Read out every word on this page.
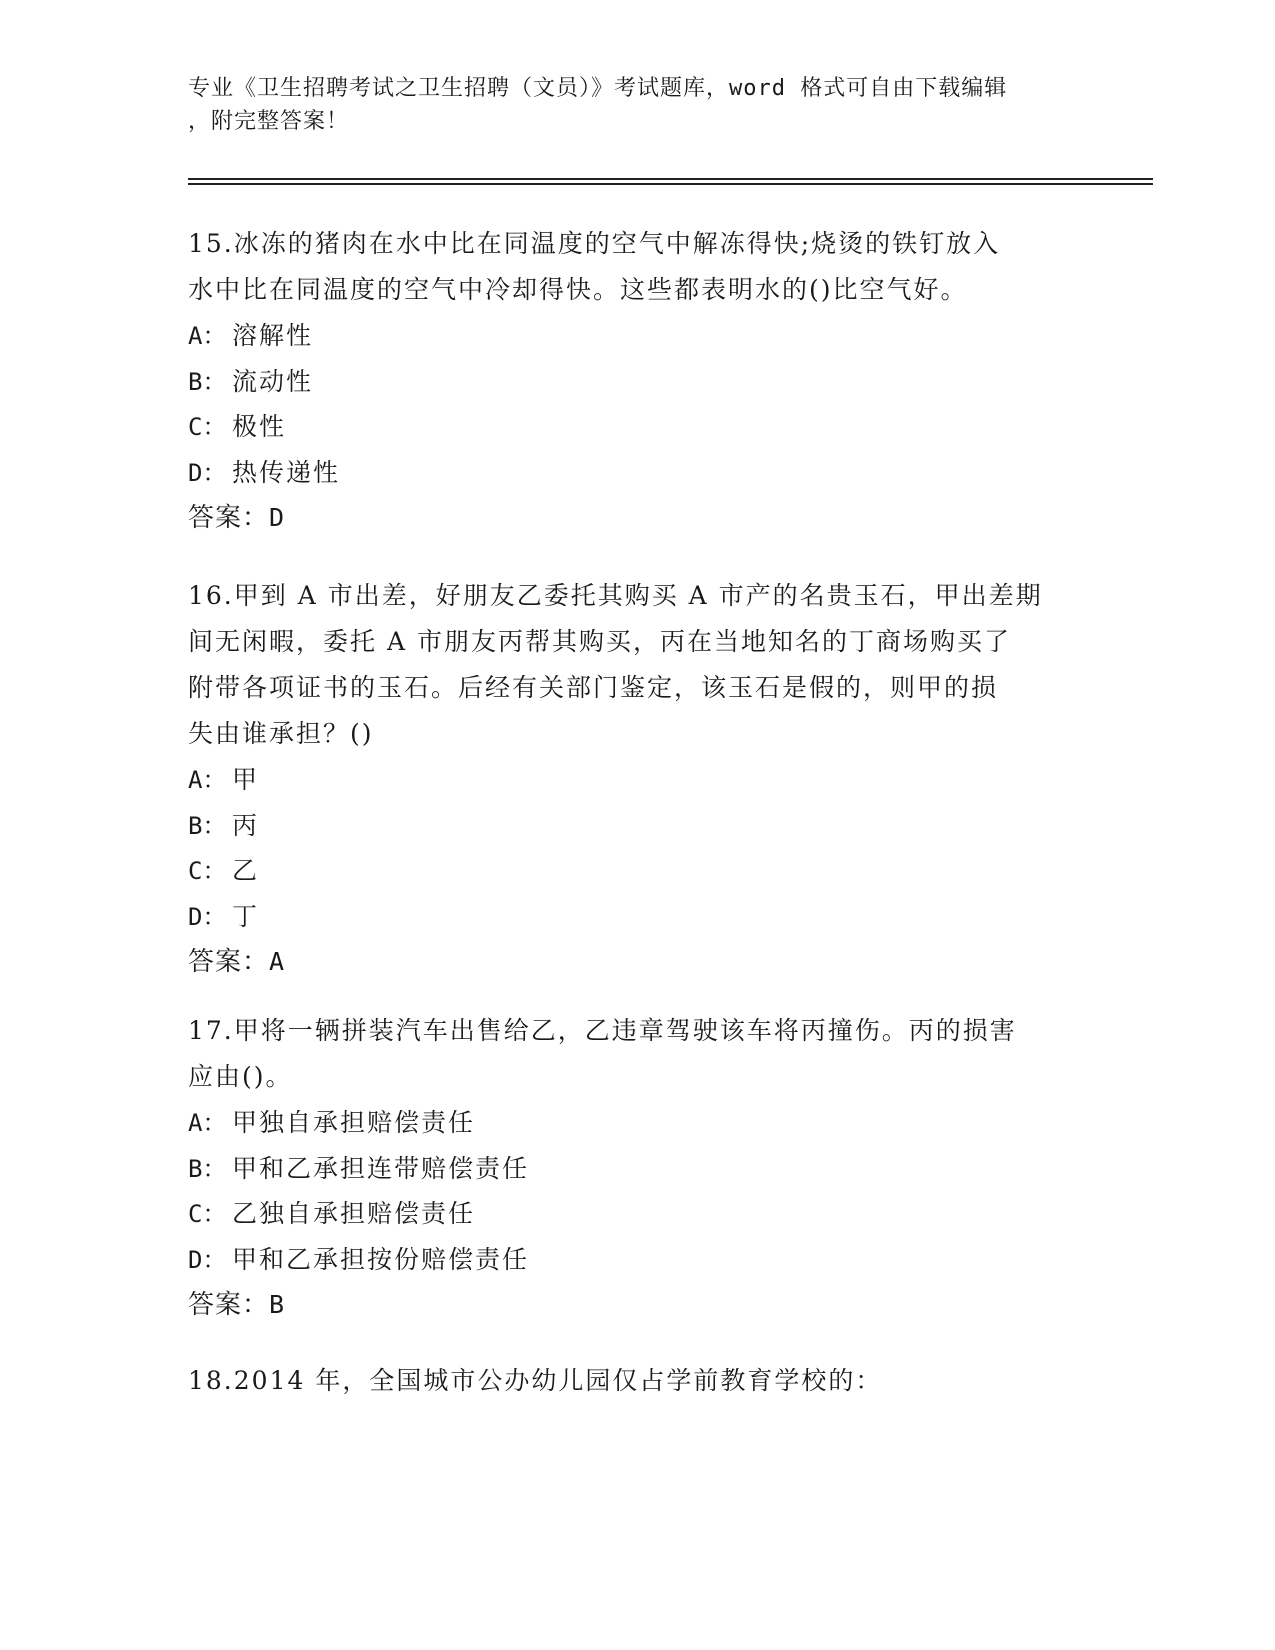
专业《卫生招聘考试之卫生招聘（文员）》考试题库，word 格式可自由下载编辑
，附完整答案！
15.冰冻的猪肉在水中比在同温度的空气中解冻得快;烧烫的铁钉放入
水中比在同温度的空气中冷却得快。这些都表明水的()比空气好。
A： 溶解性
B： 流动性
C： 极性
D： 热传递性
答案：D
16.甲到 A 市出差，好朋友乙委托其购买 A 市产的名贵玉石，甲出差期
间无闲暇，委托 A 市朋友丙帮其购买，丙在当地知名的丁商场购买了
附带各项证书的玉石。后经有关部门鉴定，该玉石是假的，则甲的损
失由谁承担？()
A： 甲
B： 丙
C： 乙
D： 丁
答案：A
17.甲将一辆拼装汽车出售给乙，乙违章驾驶该车将丙撞伤。丙的损害
应由()。
A： 甲独自承担赔偿责任
B： 甲和乙承担连带赔偿责任
C： 乙独自承担赔偿责任
D： 甲和乙承担按份赔偿责任
答案：B
18.2014 年，全国城市公办幼儿园仅占学前教育学校的：
